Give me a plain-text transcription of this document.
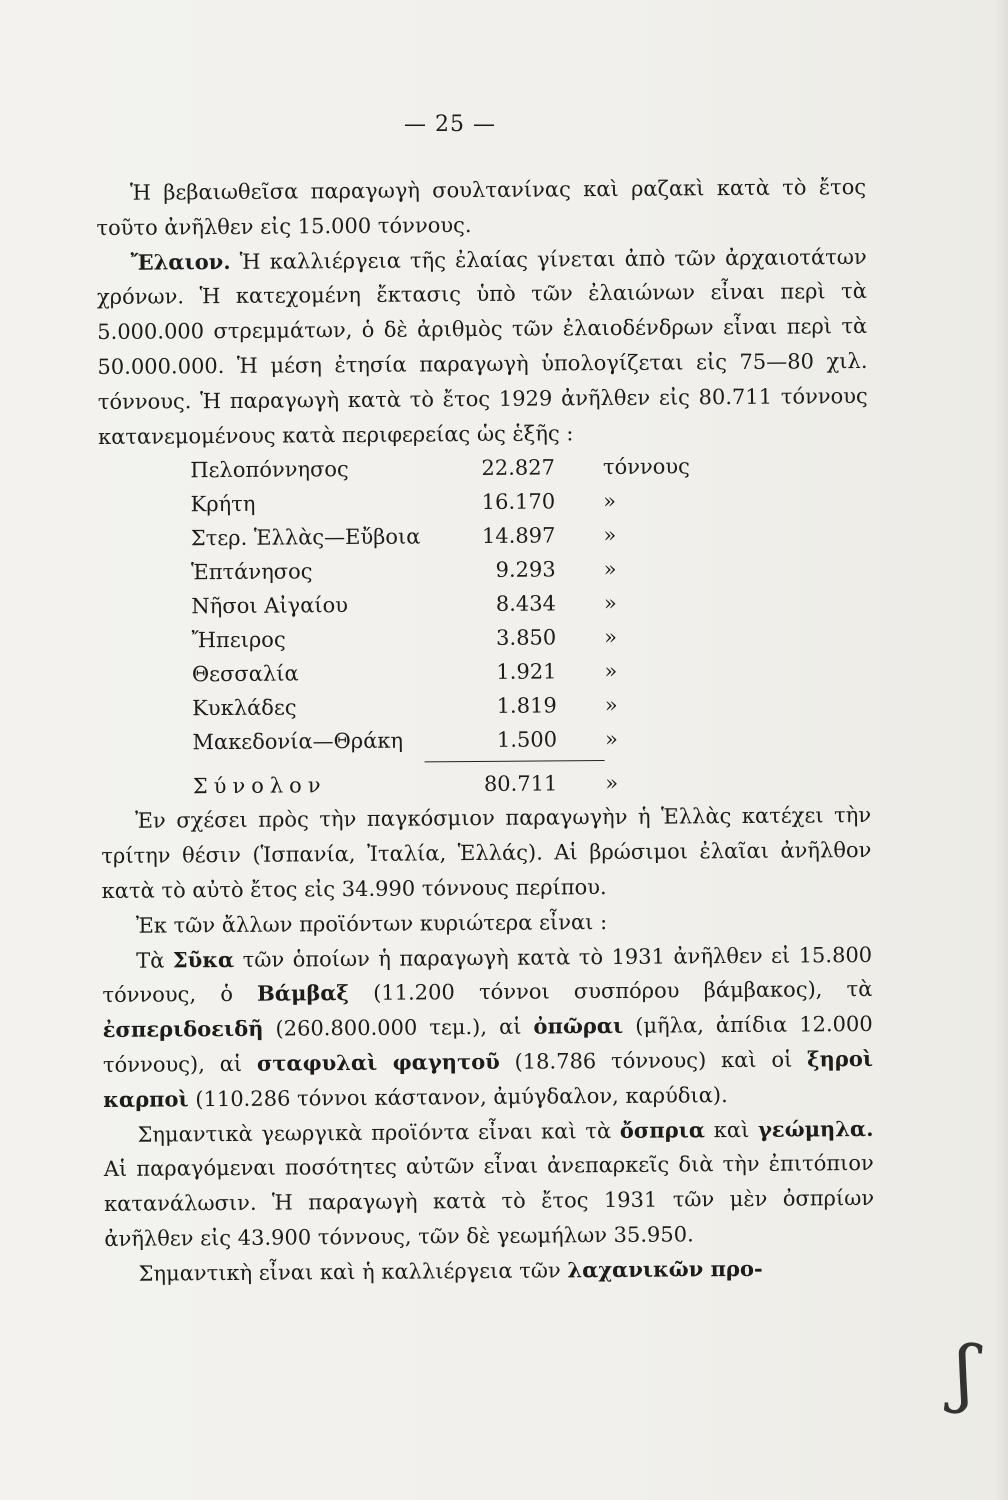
— 25 —

Ἡ βεβαιωθεῖσα παραγωγὴ σουλτανίνας καὶ ραζακὶ κατὰ τὸ ἔτος τοῦτο ἀνῆλθεν εἰς 15.000 τόννους.

Ἔλαιον. Ἡ καλλιέργεια τῆς ἐλαίας γίνεται ἀπὸ τῶν ἀρχαιοτάτων χρόνων. Ἡ κατεχομένη ἔκτασις ὑπὸ τῶν ἐλαιώνων εἶναι περὶ τὰ 5.000.000 στρεμμάτων, ὁ δὲ ἀριθμὸς τῶν ἐλαιοδένδρων εἶναι περὶ τὰ 50.000.000. Ἡ μέση ἐτησία παραγωγὴ ὑπολογίζεται εἰς 75—80 χιλ. τόννους. Ἡ παραγωγὴ κατὰ τὸ ἔτος 1929 ἀνῆλθεν εἰς 80.711 τόννους κατανεμομένους κατὰ περιφερείας ὡς ἑξῆς :

Πελοπόννησος	22.827	τόννους
Κρήτη	16.170	»
Στερ. Ἑλλὰς—Εὔβοια	14.897	»
Ἑπτάνησος	9.293	»
Νῆσοι Αἰγαίου	8.434	»
Ἤπειρος	3.850	»
Θεσσαλία	1.921	»
Κυκλάδες	1.819	»
Μακεδονία—Θράκη	1.500	»
Σύνολον	80.711	»

Ἐν σχέσει πρὸς τὴν παγκόσμιον παραγωγὴν ἡ Ἑλλὰς κατέχει τὴν τρίτην θέσιν (Ἱσπανία, Ἰταλία, Ἑλλάς). Αἱ βρώσιμοι ἐλαῖαι ἀνῆλθον κατὰ τὸ αὐτὸ ἔτος εἰς 34.990 τόννους περίπου.

Ἐκ τῶν ἄλλων προϊόντων κυριώτερα εἶναι :

Τὰ Σῦκα τῶν ὁποίων ἡ παραγωγὴ κατὰ τὸ 1931 ἀνῆλθεν εἰ 15.800 τόννους, ὁ Βάμβαξ (11.200 τόννοι συσπόρου βάμβακος), τὰ ἐσπεριδοειδῆ (260.800.000 τεμ.), αἱ ὀπῶραι (μῆλα, ἀπίδια 12.000 τόννους), αἱ σταφυλαὶ φαγητοῦ (18.786 τόννους) καὶ οἱ ξηροὶ καρποὶ (110.286 τόννοι κάστανον, ἀμύγδαλον, καρύδια).

Σημαντικὰ γεωργικὰ προϊόντα εἶναι καὶ τὰ ὄσπρια καὶ γεώμηλα. Αἱ παραγόμεναι ποσότητες αὐτῶν εἶναι ἀνεπαρκεῖς διὰ τὴν ἐπιτόπιον κατανάλωσιν. Ἡ παραγωγὴ κατὰ τὸ ἔτος 1931 τῶν μὲν ὀσπρίων ἀνῆλθεν εἰς 43.900 τόννους, τῶν δὲ γεωμήλων 35.950.

Σημαντικὴ εἶναι καὶ ἡ καλλιέργεια τῶν λαχανικῶν προ-

ʃ
